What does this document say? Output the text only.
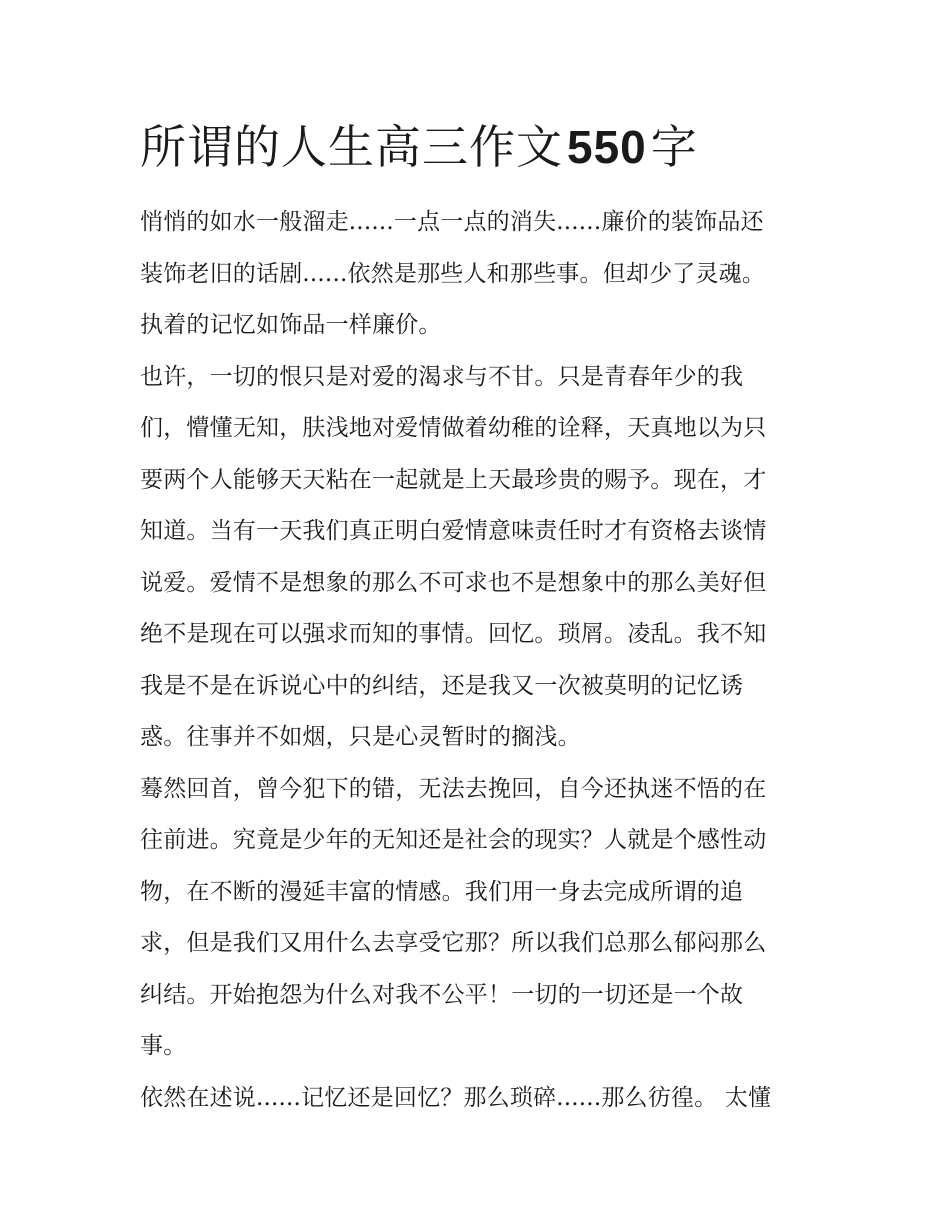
所谓的人生高三作文550字
悄悄的如水一般溜走......一点一点的消失......廉价的装饰品还
装饰老旧的话剧......依然是那些人和那些事。但却少了灵魂。
执着的记忆如饰品一样廉价。
也许，一切的恨只是对爱的渴求与不甘。只是青春年少的我
们，懵懂无知，肤浅地对爱情做着幼稚的诠释，天真地以为只
要两个人能够天天粘在一起就是上天最珍贵的赐予。现在，才
知道。当有一天我们真正明白爱情意味责任时才有资格去谈情
说爱。爱情不是想象的那么不可求也不是想象中的那么美好但
绝不是现在可以强求而知的事情。回忆。琐屑。凌乱。我不知
我是不是在诉说心中的纠结，还是我又一次被莫明的记忆诱
惑。往事并不如烟，只是心灵暂时的搁浅。
蓦然回首，曾今犯下的错，无法去挽回，自今还执迷不悟的在
往前进。究竟是少年的无知还是社会的现实？人就是个感性动
物，在不断的漫延丰富的情感。我们用一身去完成所谓的追
求，但是我们又用什么去享受它那？所以我们总那么郁闷那么
纠结。开始抱怨为什么对我不公平！一切的一切还是一个故
事。
依然在述说......记忆还是回忆？那么琐碎......那么彷徨。 太懂
